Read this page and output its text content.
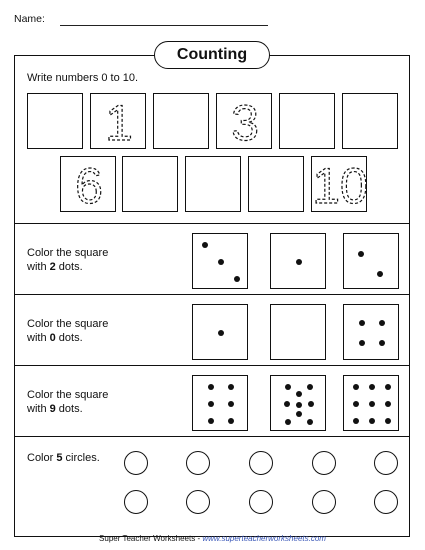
Name:
Counting
Write numbers 0 to 10.
1 3
6	10
Color the square
with 2 dots.
Color the square
with 0 dots.
Color the square
with 9 dots.
Color 5 circles.
Super Teacher Worksheets - www.superteacherworksheets.com
